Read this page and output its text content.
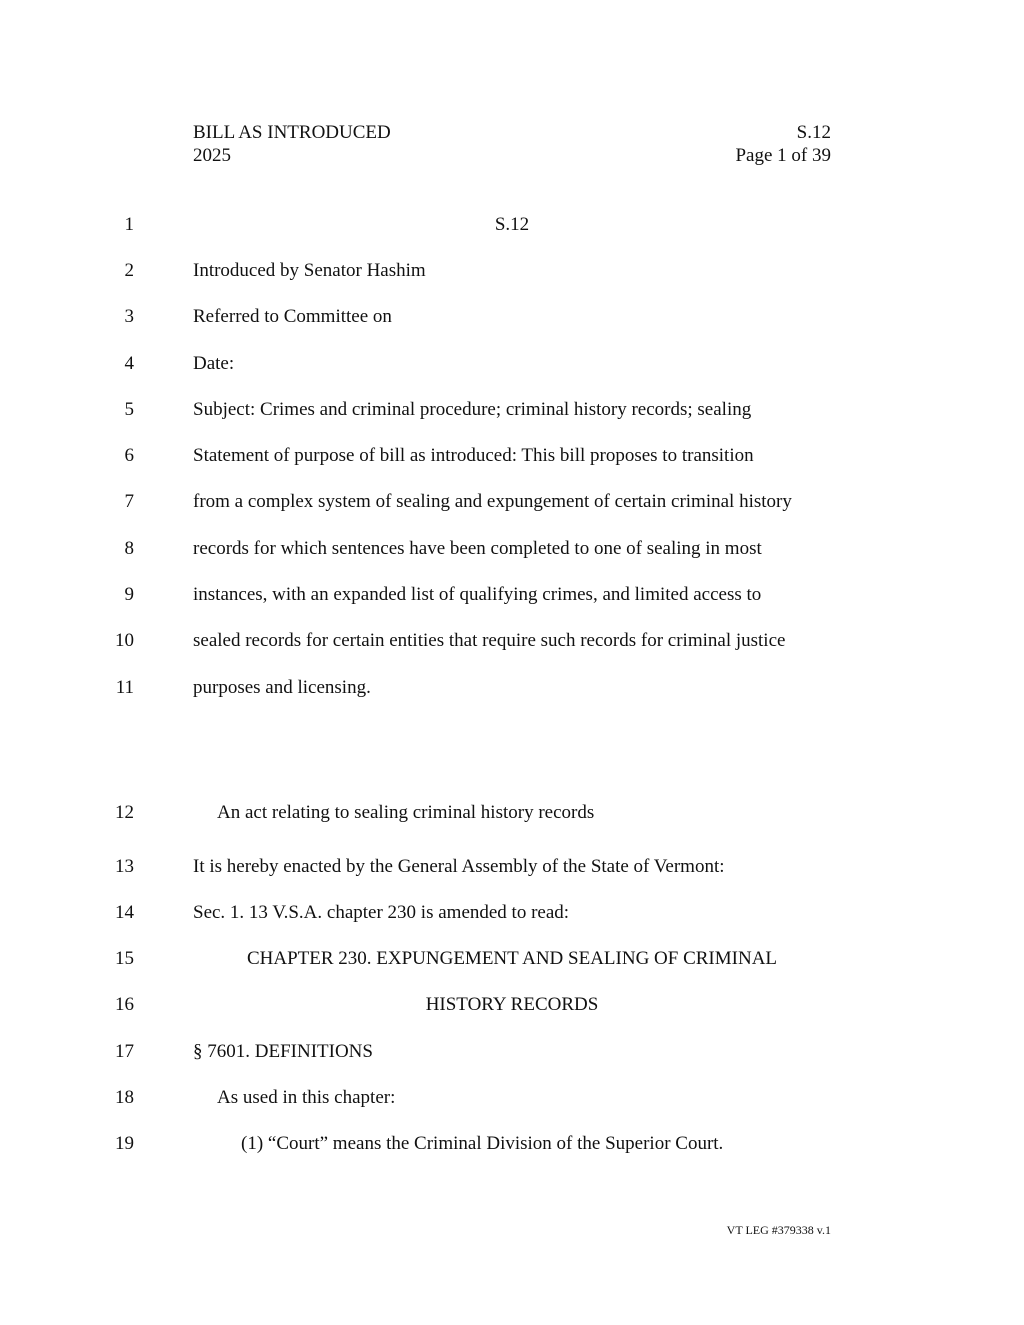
BILL AS INTRODUCED
2025
S.12
Page 1 of 39
1	S.12
2	Introduced by Senator Hashim
3	Referred to Committee on
4	Date:
5	Subject: Crimes and criminal procedure; criminal history records; sealing
6	Statement of purpose of bill as introduced: This bill proposes to transition
7	from a complex system of sealing and expungement of certain criminal history
8	records for which sentences have been completed to one of sealing in most
9	instances, with an expanded list of qualifying crimes, and limited access to
10	sealed records for certain entities that require such records for criminal justice
11	purposes and licensing.
12	An act relating to sealing criminal history records
13	It is hereby enacted by the General Assembly of the State of Vermont:
14	Sec. 1. 13 V.S.A. chapter 230 is amended to read:
15	CHAPTER 230. EXPUNGEMENT AND SEALING OF CRIMINAL
16	HISTORY RECORDS
17	§ 7601. DEFINITIONS
18	As used in this chapter:
19	(1) “Court” means the Criminal Division of the Superior Court.
VT LEG #379338 v.1
